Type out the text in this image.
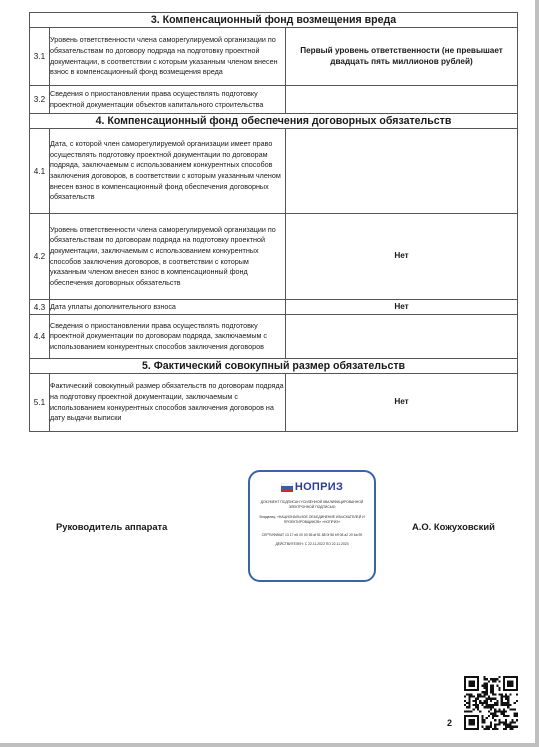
3. Компенсационный фонд возмещения вреда		
3.1	Уровень ответственности члена саморегулируемой организации по обязательствам по договору подряда на подготовку проектной документации, в соответствии с которым указанным членом внесен взнос в компенсационный фонд возмещения вреда	Первый уровень ответственности (не превышает двадцать пять миллионов рублей)
3.2	Сведения о приостановлении права осуществлять подготовку проектной документации объектов капитального строительства	
4. Компенсационный фонд обеспечения договорных обязательств		
4.1	Дата, с которой член саморегулируемой организации имеет право осуществлять подготовку проектной документации по договорам подряда, заключаемым с использованием конкурентных способов заключения договоров, в соответствии с которым указанным членом внесен взнос в компенсационный фонд обеспечения договорных обязательств	
4.2	Уровень ответственности члена саморегулируемой организации по обязательствам по договорам подряда на подготовку проектной документации, заключаемым с использованием конкурентных способов заключения договоров, в соответствии с которым указанным членом внесен взнос в компенсационный фонд обеспечения договорных обязательств	Нет
4.3	Дата уплаты дополнительного взноса	Нет
4.4	Сведения о приостановлении права осуществлять подготовку проектной документации по договорам подряда, заключаемым с использованием конкурентных способов заключения договоров	
5. Фактический совокупный размер обязательств		
5.1	Фактический совокупный размер обязательств по договорам подряда на подготовку проектной документации, заключаемым с использованием конкурентных способов заключения договоров на дату выдачи выписки	Нет
Руководитель аппарата	А.О. Кожуховский
НОПРИЗ
ДОКУМЕНТ ПОДПИСАН УСИЛЕННОЙ КВАЛИФИЦИРОВАННОЙ ЭЛЕКТРОННОЙ ПОДПИСЬЮ
Владелец: «НАЦИОНАЛЬНОЕ ОБЪЕДИНЕНИЕ ИЗЫСКАТЕЛЕЙ И ПРОЕКТИРОВЩИКОВ» «НОПРИЗ»
СЕРТИФИКАТ 13 17 e6 00 00 55 af 51 88 0f 56 b9 08 a2 20 6a 90
ДЕЙСТВИТЕЛЕН: С 22.11.2022 ПО 22.11.2023
2
